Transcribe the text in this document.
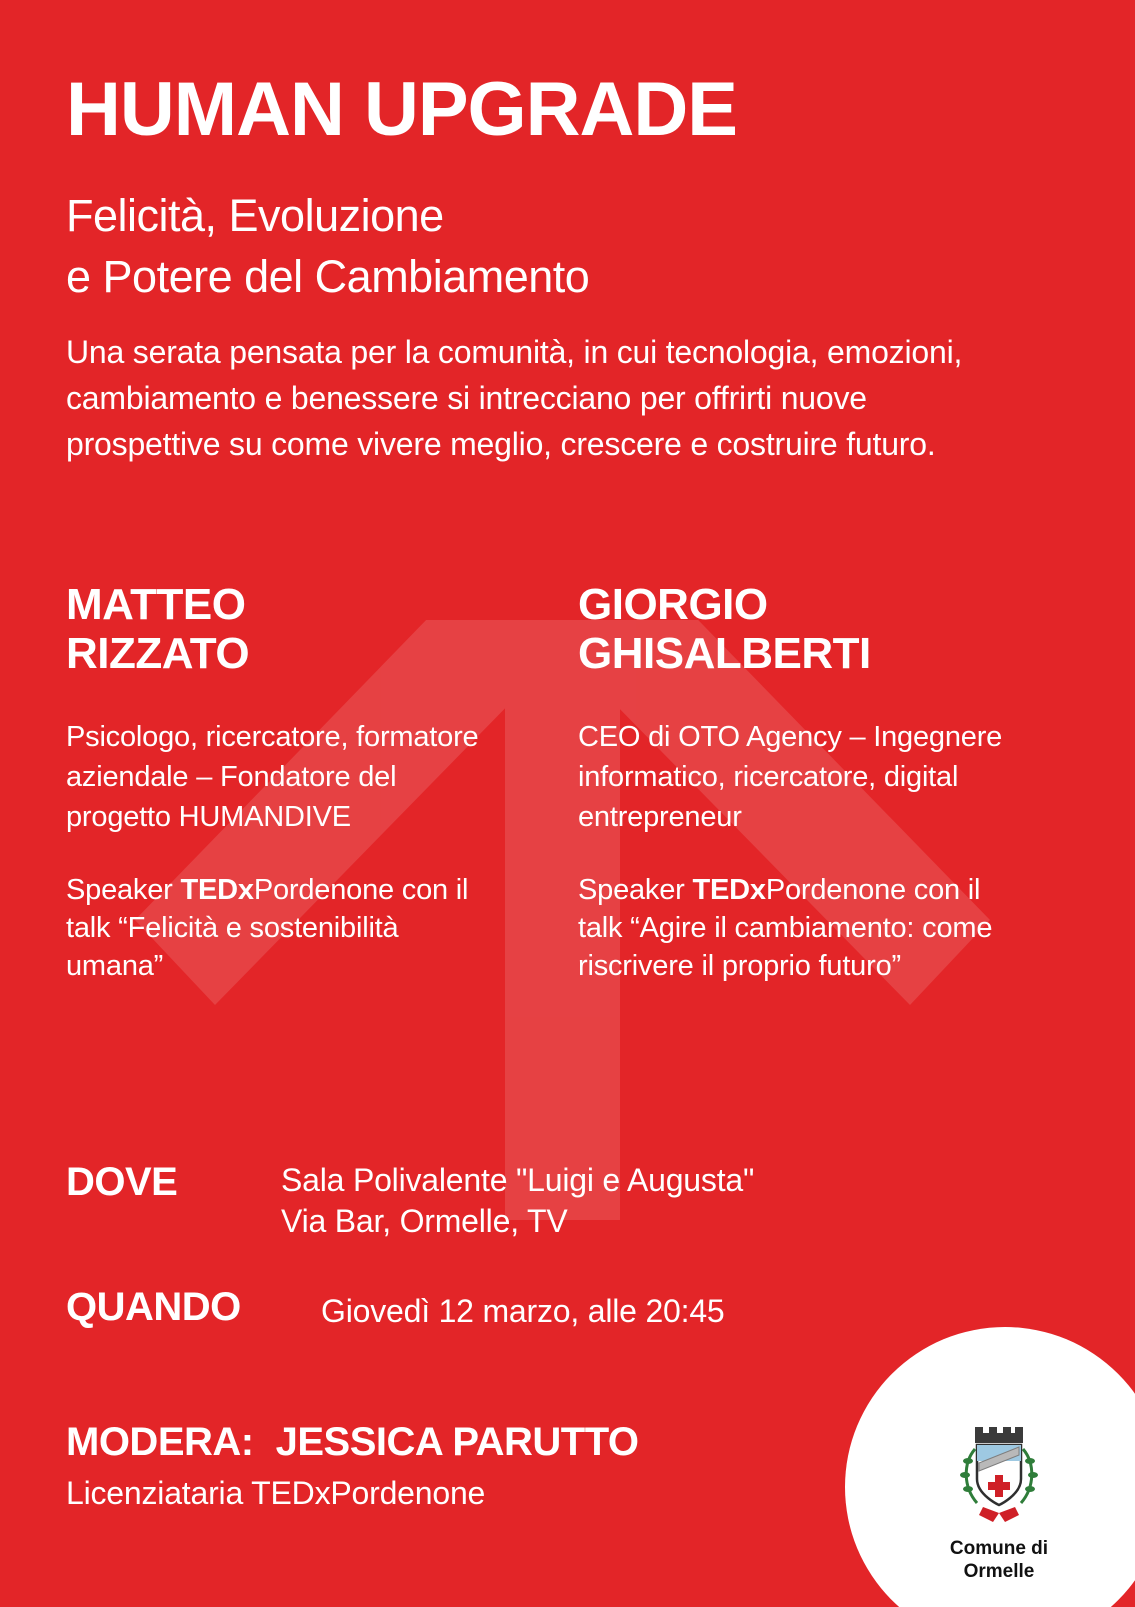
HUMAN UPGRADE
Felicità, Evoluzione
e Potere del Cambiamento
Una serata pensata per la comunità, in cui tecnologia, emozioni, cambiamento e benessere si intrecciano per offrirti nuove prospettive su come vivere meglio, crescere e costruire futuro.
MATTEO
RIZZATO
Psicologo, ricercatore, formatore aziendale – Fondatore del progetto HUMANDIVE
Speaker TEDxPordenone con il talk “Felicità e sostenibilità umana”
GIORGIO
GHISALBERTI
CEO di OTO Agency – Ingegnere informatico, ricercatore, digital entrepreneur
Speaker TEDxPordenone con il talk “Agire il cambiamento: come riscrivere il proprio futuro”
DOVE	Sala Polivalente "Luigi e Augusta"
Via Bar, Ormelle, TV
QUANDO	Giovedì 12 marzo, alle 20:45
MODERA: JESSICA PARUTTO
Licenziataria TEDxPordenone
Comune di
Ormelle
